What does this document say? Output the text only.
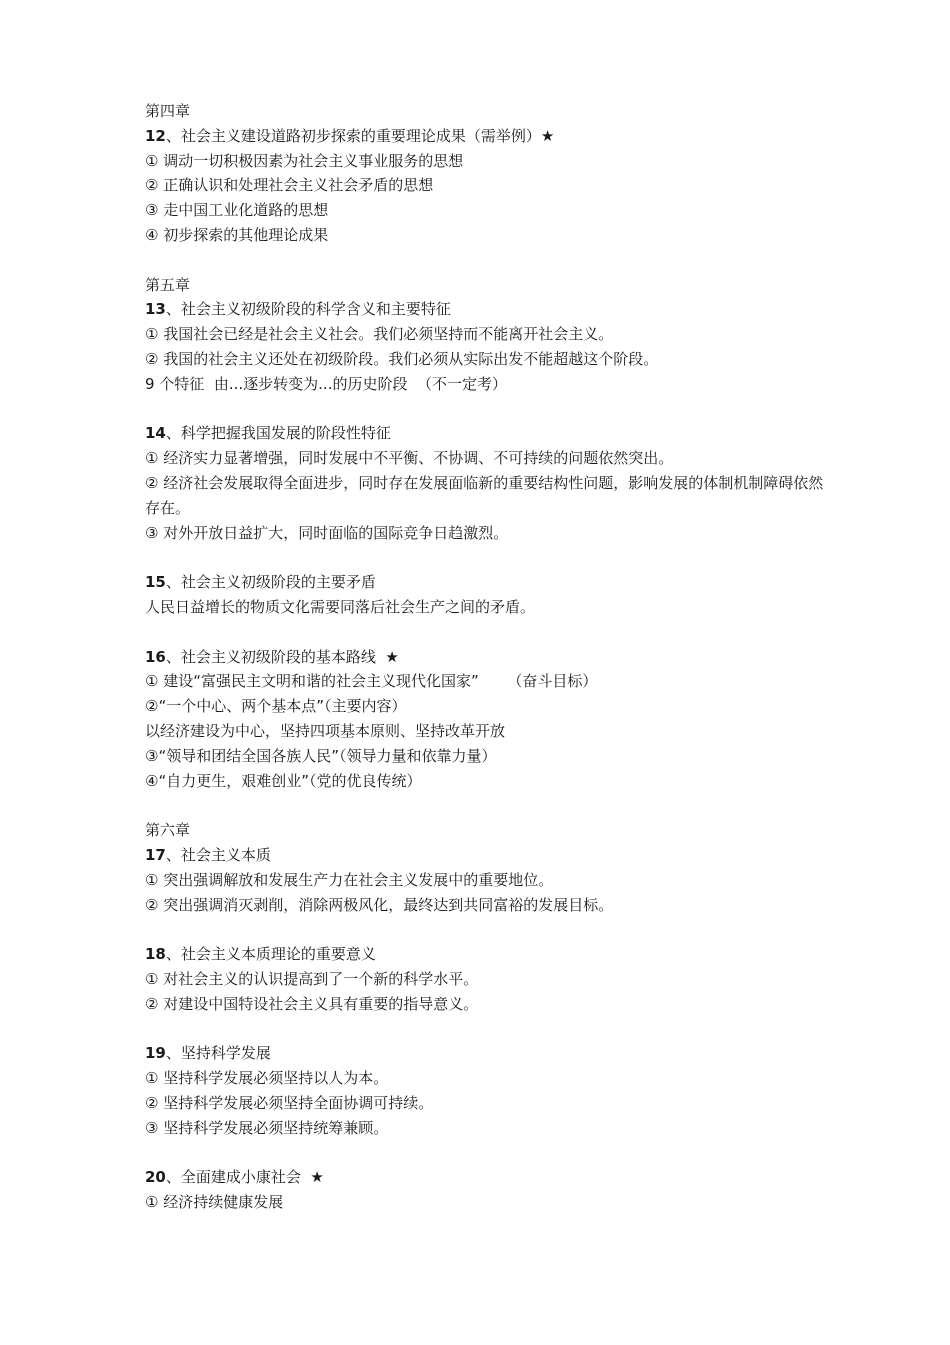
第四章
12、社会主义建设道路初步探索的重要理论成果（需举例）★
① 调动一切积极因素为社会主义事业服务的思想
② 正确认识和处理社会主义社会矛盾的思想
③ 走中国工业化道路的思想
④ 初步探索的其他理论成果
第五章
13、社会主义初级阶段的科学含义和主要特征
① 我国社会已经是社会主义社会。我们必须坚持而不能离开社会主义。
② 我国的社会主义还处在初级阶段。我们必须从实际出发不能超越这个阶段。
9 个特征  由...逐步转变为...的历史阶段  （不一定考）
14、科学把握我国发展的阶段性特征
① 经济实力显著增强，同时发展中不平衡、不协调、不可持续的问题依然突出。
② 经济社会发展取得全面进步，同时存在发展面临新的重要结构性问题，影响发展的体制机制障碍依然存在。
③ 对外开放日益扩大，同时面临的国际竞争日趋激烈。
15、社会主义初级阶段的主要矛盾
人民日益增长的物质文化需要同落后社会生产之间的矛盾。
16、社会主义初级阶段的基本路线  ★
① 建设“富强民主文明和谐的社会主义现代化国家”      （奋斗目标）
②“一个中心、两个基本点”（主要内容）
以经济建设为中心，坚持四项基本原则、坚持改革开放
③“领导和团结全国各族人民”（领导力量和依靠力量）
④“自力更生，艰难创业”（党的优良传统）
第六章
17、社会主义本质
① 突出强调解放和发展生产力在社会主义发展中的重要地位。
② 突出强调消灭剥削，消除两极风化，最终达到共同富裕的发展目标。
18、社会主义本质理论的重要意义
① 对社会主义的认识提高到了一个新的科学水平。
② 对建设中国特设社会主义具有重要的指导意义。
19、坚持科学发展
① 坚持科学发展必须坚持以人为本。
② 坚持科学发展必须坚持全面协调可持续。
③ 坚持科学发展必须坚持统筹兼顾。
20、全面建成小康社会  ★
① 经济持续健康发展
